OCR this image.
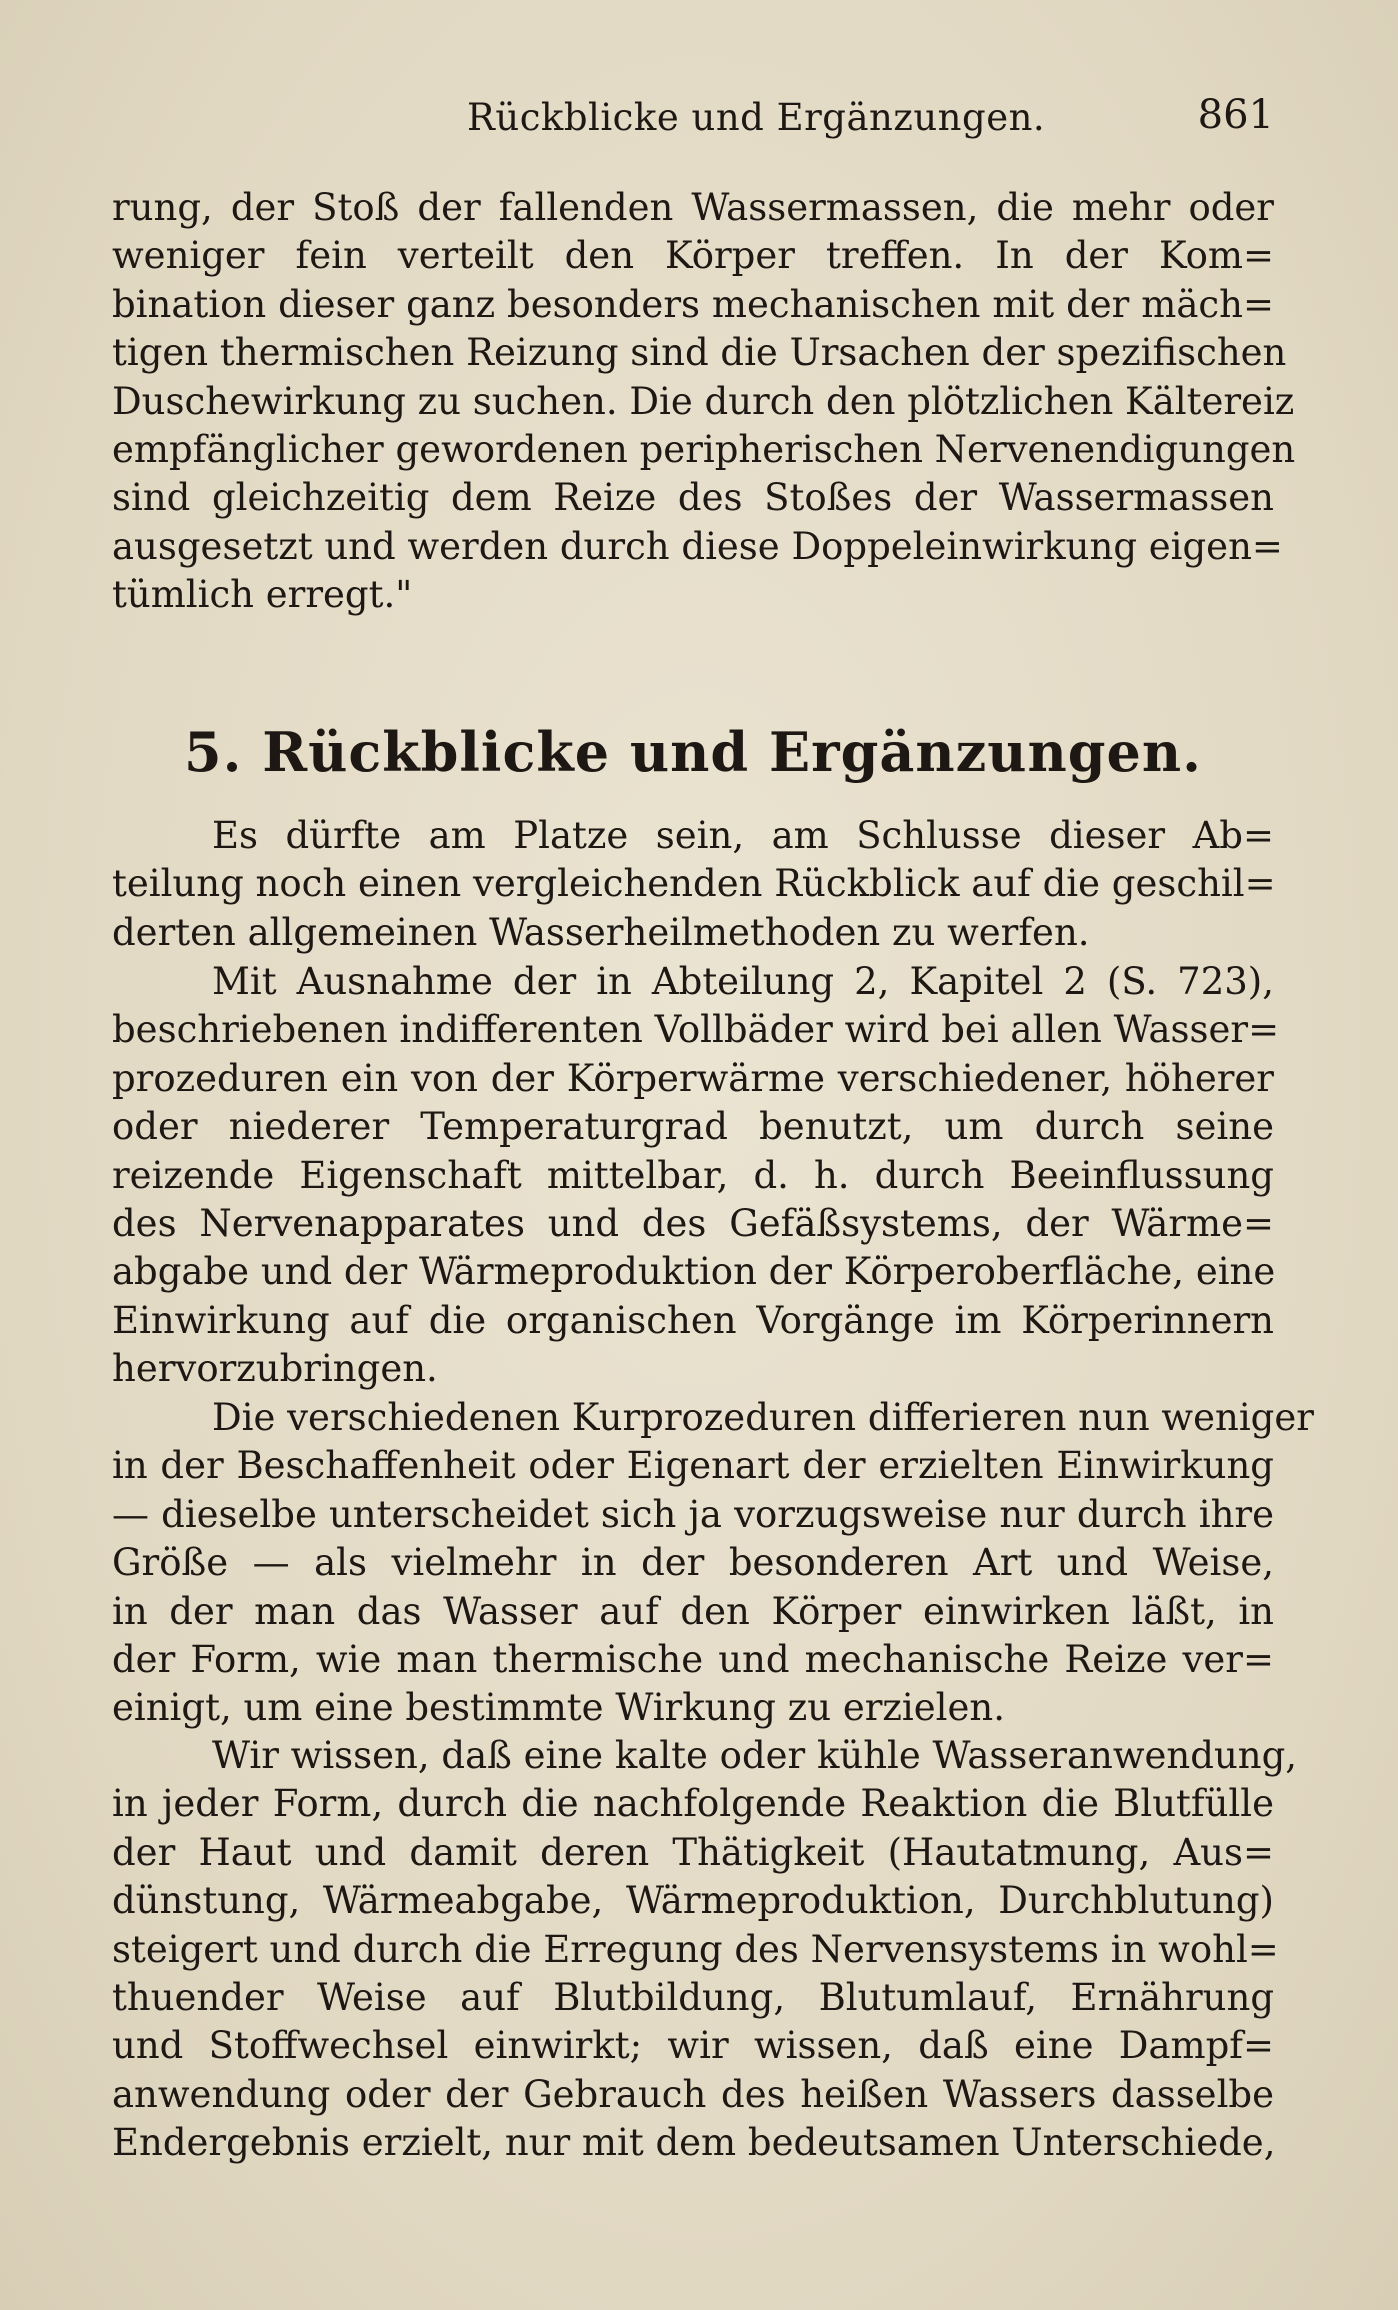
Rückblicke und Ergänzungen.	861
rung, der Stoß der fallenden Wassermassen, die mehr oder
weniger fein verteilt den Körper treffen. In der Kom=
bination dieser ganz besonders mechanischen mit der mäch=
tigen thermischen Reizung sind die Ursachen der spezifischen
Duschewirkung zu suchen. Die durch den plötzlichen Kältereiz
empfänglicher gewordenen peripherischen Nervenendigungen
sind gleichzeitig dem Reize des Stoßes der Wassermassen
ausgesetzt und werden durch diese Doppeleinwirkung eigen=
tümlich erregt."
5. Rückblicke und Ergänzungen.
Es dürfte am Platze sein, am Schlusse dieser Ab=
teilung noch einen vergleichenden Rückblick auf die geschil=
derten allgemeinen Wasserheilmethoden zu werfen.
Mit Ausnahme der in Abteilung 2, Kapitel 2 (S. 723),
beschriebenen indifferenten Vollbäder wird bei allen Wasser=
prozeduren ein von der Körperwärme verschiedener, höherer
oder niederer Temperaturgrad benutzt, um durch seine
reizende Eigenschaft mittelbar, d. h. durch Beeinflussung
des Nervenapparates und des Gefäßsystems, der Wärme=
abgabe und der Wärmeproduktion der Körperoberfläche, eine
Einwirkung auf die organischen Vorgänge im Körperinnern
hervorzubringen.
Die verschiedenen Kurprozeduren differieren nun weniger
in der Beschaffenheit oder Eigenart der erzielten Einwirkung
— dieselbe unterscheidet sich ja vorzugsweise nur durch ihre
Größe — als vielmehr in der besonderen Art und Weise,
in der man das Wasser auf den Körper einwirken läßt, in
der Form, wie man thermische und mechanische Reize ver=
einigt, um eine bestimmte Wirkung zu erzielen.
Wir wissen, daß eine kalte oder kühle Wasseranwendung,
in jeder Form, durch die nachfolgende Reaktion die Blutfülle
der Haut und damit deren Thätigkeit (Hautatmung, Aus=
dünstung, Wärmeabgabe, Wärmeproduktion, Durchblutung)
steigert und durch die Erregung des Nervensystems in wohl=
thuender Weise auf Blutbildung, Blutumlauf, Ernährung
und Stoffwechsel einwirkt; wir wissen, daß eine Dampf=
anwendung oder der Gebrauch des heißen Wassers dasselbe
Endergebnis erzielt, nur mit dem bedeutsamen Unterschiede,
